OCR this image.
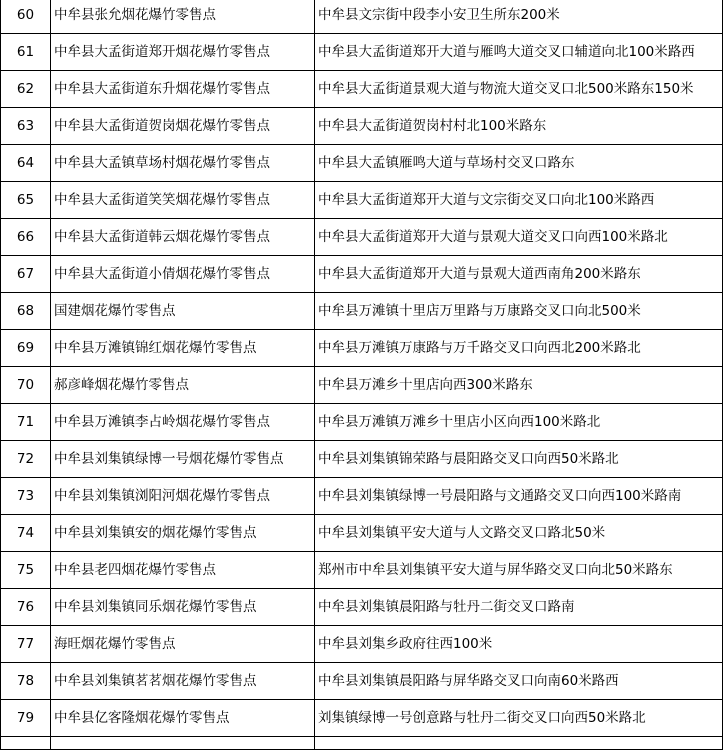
60	中牟县张允烟花爆竹零售点	中牟县文宗街中段李小安卫生所东200米
61	中牟县大孟街道郑开烟花爆竹零售点	中牟县大孟街道郑开大道与雁鸣大道交叉口辅道向北100米路西
62	中牟县大孟街道东升烟花爆竹零售点	中牟县大孟街道景观大道与物流大道交叉口北500米路东150米
63	中牟县大孟街道贺岗烟花爆竹零售点	中牟县大孟街道贺岗村村北100米路东
64	中牟县大孟镇草场村烟花爆竹零售点	中牟县大孟镇雁鸣大道与草场村交叉口路东
65	中牟县大孟街道笑笑烟花爆竹零售点	中牟县大孟街道郑开大道与文宗街交叉口向北100米路西
66	中牟县大孟街道韩云烟花爆竹零售点	中牟县大孟街道郑开大道与景观大道交叉口向西100米路北
67	中牟县大孟街道小倩烟花爆竹零售点	中牟县大孟街道郑开大道与景观大道西南角200米路东
68	国建烟花爆竹零售点	中牟县万滩镇十里店万里路与万康路交叉口向北500米
69	中牟县万滩镇锦红烟花爆竹零售点	中牟县万滩镇万康路与万千路交叉口向西北200米路北
70	郝彦峰烟花爆竹零售点	中牟县万滩乡十里店向西300米路东
71	中牟县万滩镇李占岭烟花爆竹零售点	中牟县万滩镇万滩乡十里店小区向西100米路北
72	中牟县刘集镇绿博一号烟花爆竹零售点	中牟县刘集镇锦荣路与晨阳路交叉口向西50米路北
73	中牟县刘集镇浏阳河烟花爆竹零售点	中牟县刘集镇绿博一号晨阳路与文通路交叉口向西100米路南
74	中牟县刘集镇安的烟花爆竹零售点	中牟县刘集镇平安大道与人文路交叉口路北50米
75	中牟县老四烟花爆竹零售点	郑州市中牟县刘集镇平安大道与屏华路交叉口向北50米路东
76	中牟县刘集镇同乐烟花爆竹零售点	中牟县刘集镇晨阳路与牡丹二街交叉口路南
77	海旺烟花爆竹零售点	中牟县刘集乡政府往西100米
78	中牟县刘集镇茗茗烟花爆竹零售点	中牟县刘集镇晨阳路与屏华路交叉口向南60米路西
79	中牟县亿客隆烟花爆竹零售点	刘集镇绿博一号创意路与牡丹二街交叉口向西50米路北
